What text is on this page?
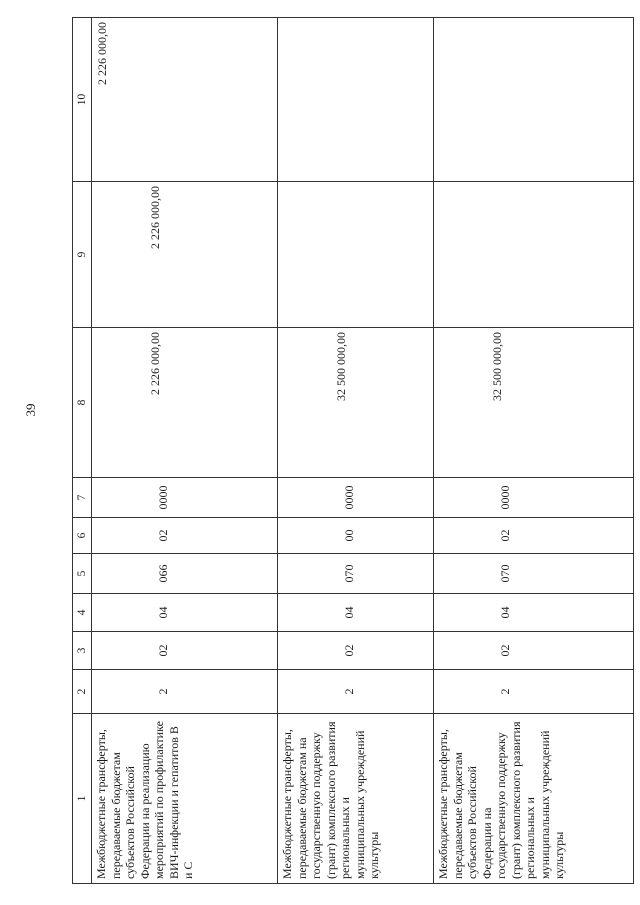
39
1	2	3	4	5	6	7	8	9	10
Межбюджетные трансферты, передаваемые бюджетам субъектов Российской Федерации на реализацию мероприятий по профилактике ВИЧ-инфекции и гепатитов В и С	2	02	04	066	02	0000	2 226 000,00	2 226 000,00	2 226 000,00

Межбюджетные трансферты, передаваемые бюджетам на государственную поддержку (грант) комплексного развития региональных и муниципальных учреждений культуры	2	02	04	070	00	0000	32 500 000,00		

Межбюджетные трансферты, передаваемые бюджетам субъектов Российской Федерации на государственную поддержку (грант) комплексного развития региональных и муниципальных учреждений культуры	2	02	04	070	02	0000	32 500 000,00		
